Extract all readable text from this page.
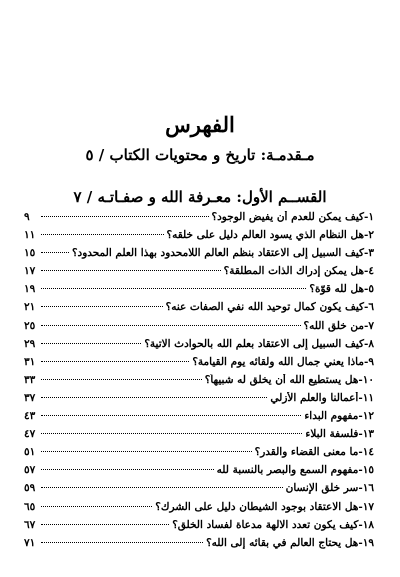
الفهرس
مـقدمـة: تاريخ و محتويات الكتاب / ٥
القســم الأول: معـرفة الله و صفـاتـه / ٧
١-كيف يمكن للعدم أن يفيض الوجود؟
٩
٢-هل النظام الذي يسود العالم دليل على خلقه؟
١١
٣-كيف السبيل إلى الاعتقاد بنظم العالم اللامحدود بهذا العلم المحدود؟
١٥
٤-هل يمكن إدراك الذات المطلقة؟
١٧
٥-هل لله قوّة؟
١٩
٦-كيف يكون كمال توحيد الله نفي الصفات عنه؟
٢١
٧-من خلق الله؟
٢٥
٨-كيف السبيل إلى الاعتقاد بعلم الله بالحوادث الاتية؟
٢٩
٩-ماذا يعني جمال الله ولقائه يوم القيامة؟
٣١
١٠-هل يستطيع الله أن يخلق له شبيهاً؟
٣٣
١١-أعمالنا والعلم الأزلي
٣٧
١٢-مفهوم البداء
٤٣
١٣-فلسفة البلاء
٤٧
١٤-ما معنى القضاء والقدر؟
٥١
١٥-مفهوم السمع والبصر بالنسبة لله
٥٧
١٦-سر خلق الإنسان
٥٩
١٧-هل الاعتقاد بوجود الشيطان دليل على الشرك؟
٦٥
١٨-كيف يكون تعدد الالهة مدعاة لفساد الخلق؟
٦٧
١٩-هل يحتاج العالم في بقائه إلى الله؟
٧١
